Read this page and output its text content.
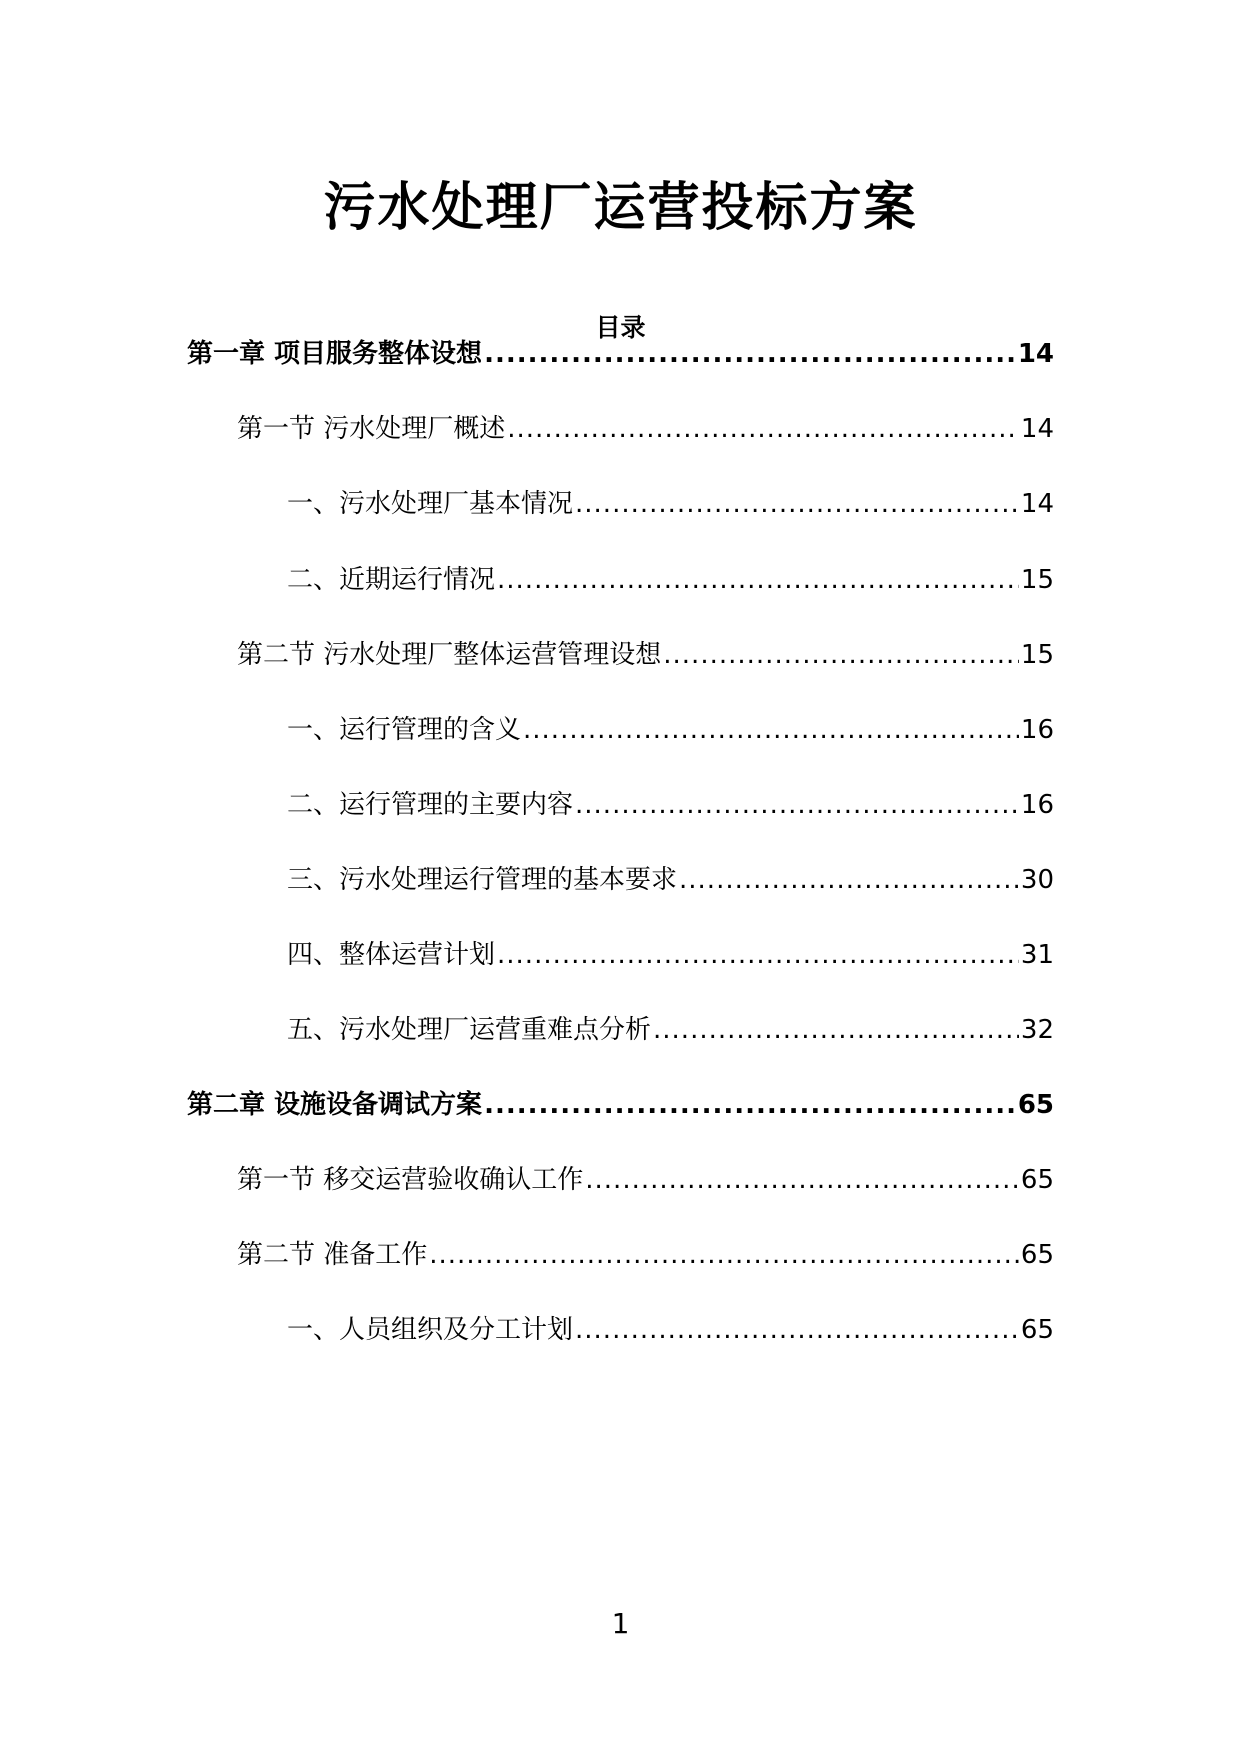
污水处理厂运营投标方案
目录
第一章 项目服务整体设想 .....	14
第一节 污水处理厂概述 .....	14
一、污水处理厂基本情况 .....	14
二、近期运行情况 .....	15
第二节 污水处理厂整体运营管理设想 .....	15
一、运行管理的含义 .....	16
二、运行管理的主要内容 .....	16
三、污水处理运行管理的基本要求 .....	30
四、整体运营计划 .....	31
五、污水处理厂运营重难点分析 .....	32
第二章 设施设备调试方案 .....	65
第一节 移交运营验收确认工作 .....	65
第二节 准备工作 .....	65
一、人员组织及分工计划 .....	65
1
